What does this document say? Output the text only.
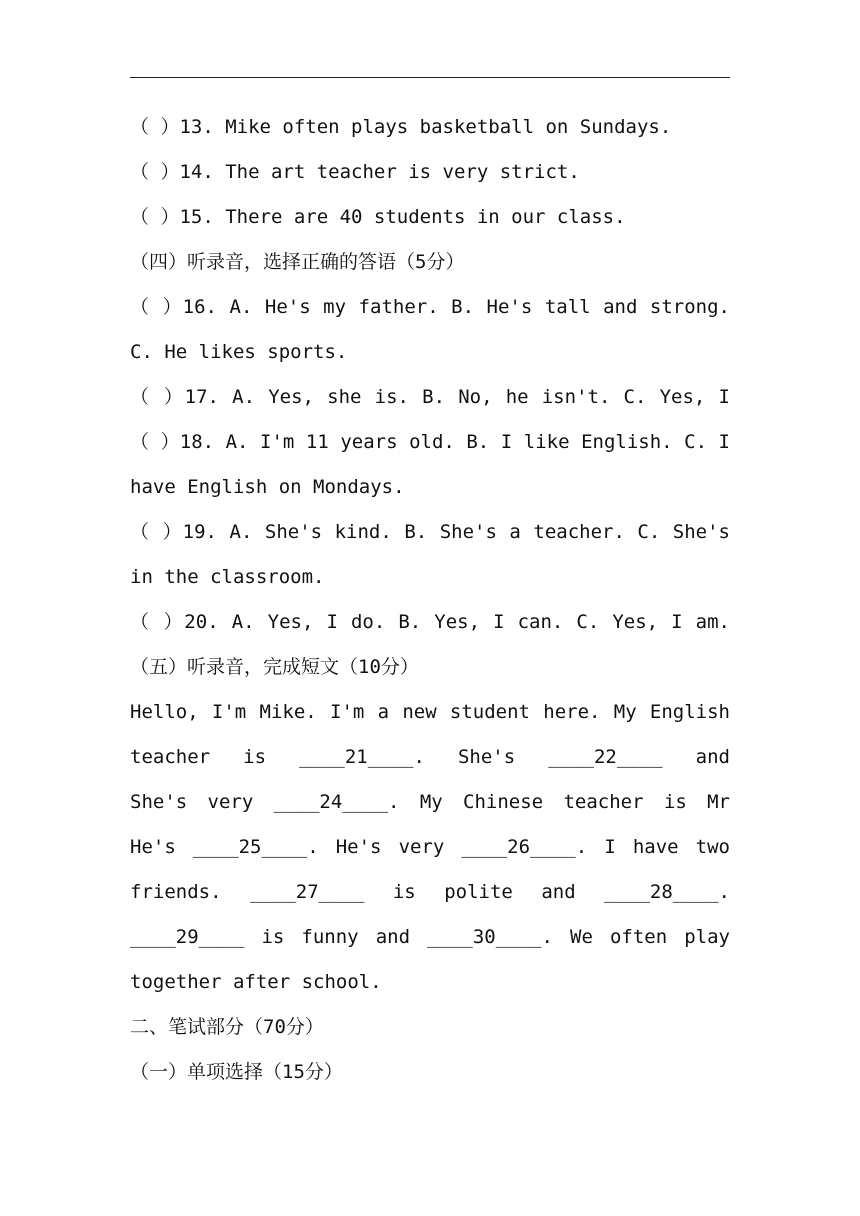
（ ）13. Mike often plays basketball on Sundays.
（ ）14. The art teacher is very strict.
（ ）15. There are 40 students in our class.
（四）听录音，选择正确的答语（5分）
（ ）16. A. He's my father. B. He's tall and strong.
C. He likes sports.
（ ）17. A. Yes, she is. B. No, he isn't. C. Yes, I
（ ）18. A. I'm 11 years old. B. I like English. C. I
have English on Mondays.
（ ）19. A. She's kind. B. She's a teacher. C. She's
in the classroom.
（ ）20. A. Yes, I do. B. Yes, I can. C. Yes, I am.
（五）听录音，完成短文（10分）
Hello, I'm Mike. I'm a new student here. My English
teacher is ____21____. She's ____22____ and
She's very ____24____. My Chinese teacher is Mr
He's ____25____. He's very ____26____. I have two
friends. ____27____ is polite and ____28____.
____29____ is funny and ____30____. We often play
together after school.
二、笔试部分（70分）
（一）单项选择（15分）
